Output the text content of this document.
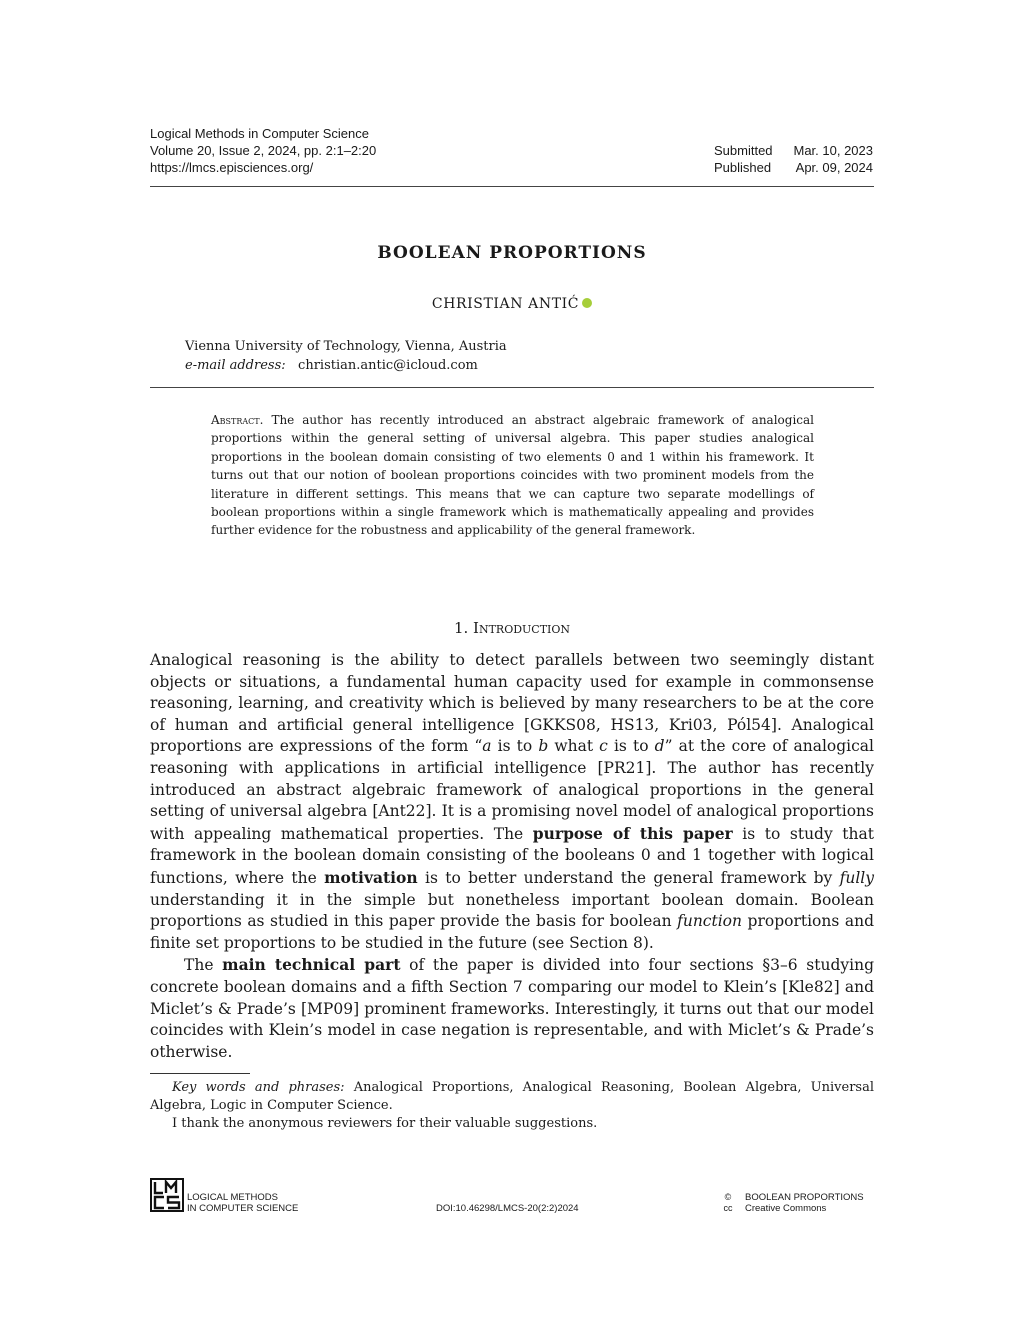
Logical Methods in Computer Science
Volume 20, Issue 2, 2024, pp. 2:1–2:20
https://lmcs.episciences.org/
Submitted Mar. 10, 2023
Published Apr. 09, 2024
BOOLEAN PROPORTIONS
CHRISTIAN ANTIĆ
Vienna University of Technology, Vienna, Austria
e-mail address: christian.antic@icloud.com
Abstract. The author has recently introduced an abstract algebraic framework of analogical proportions within the general setting of universal algebra. This paper studies analogical proportions in the boolean domain consisting of two elements 0 and 1 within his framework. It turns out that our notion of boolean proportions coincides with two prominent models from the literature in different settings. This means that we can capture two separate modellings of boolean proportions within a single framework which is mathematically appealing and provides further evidence for the robustness and applicability of the general framework.
1. Introduction

Analogical reasoning is the ability to detect parallels between two seemingly distant objects or situations, a fundamental human capacity used for example in commonsense reasoning, learning, and creativity which is believed by many researchers to be at the core of human and artificial general intelligence [GKKS08, HS13, Kri03, Pól54]. Analogical proportions are expressions of the form “a is to b what c is to d” at the core of analogical reasoning with applications in artificial intelligence [PR21]. The author has recently introduced an abstract algebraic framework of analogical proportions in the general setting of universal algebra [Ant22]. It is a promising novel model of analogical proportions with appealing mathematical properties. The purpose of this paper is to study that framework in the boolean domain consisting of the booleans 0 and 1 together with logical functions, where the motivation is to better understand the general framework by fully understanding it in the simple but nonetheless important boolean domain. Boolean proportions as studied in this paper provide the basis for boolean function proportions and finite set proportions to be studied in the future (see Section 8).

The main technical part of the paper is divided into four sections §3–6 studying concrete boolean domains and a fifth Section 7 comparing our model to Klein’s [Kle82] and Miclet’s & Prade’s [MP09] prominent frameworks. Interestingly, it turns out that our model coincides with Klein’s model in case negation is representable, and with Miclet’s & Prade’s otherwise.

Key words and phrases: Analogical Proportions, Analogical Reasoning, Boolean Algebra, Universal Algebra, Logic in Computer Science.

I thank the anonymous reviewers for their valuable suggestions.

LOGICAL METHODS
IN COMPUTER SCIENCE	DOI:10.46298/LMCS-20(2:2)2024
©	BOOLEAN PROPORTIONS
cc Creative Commons
